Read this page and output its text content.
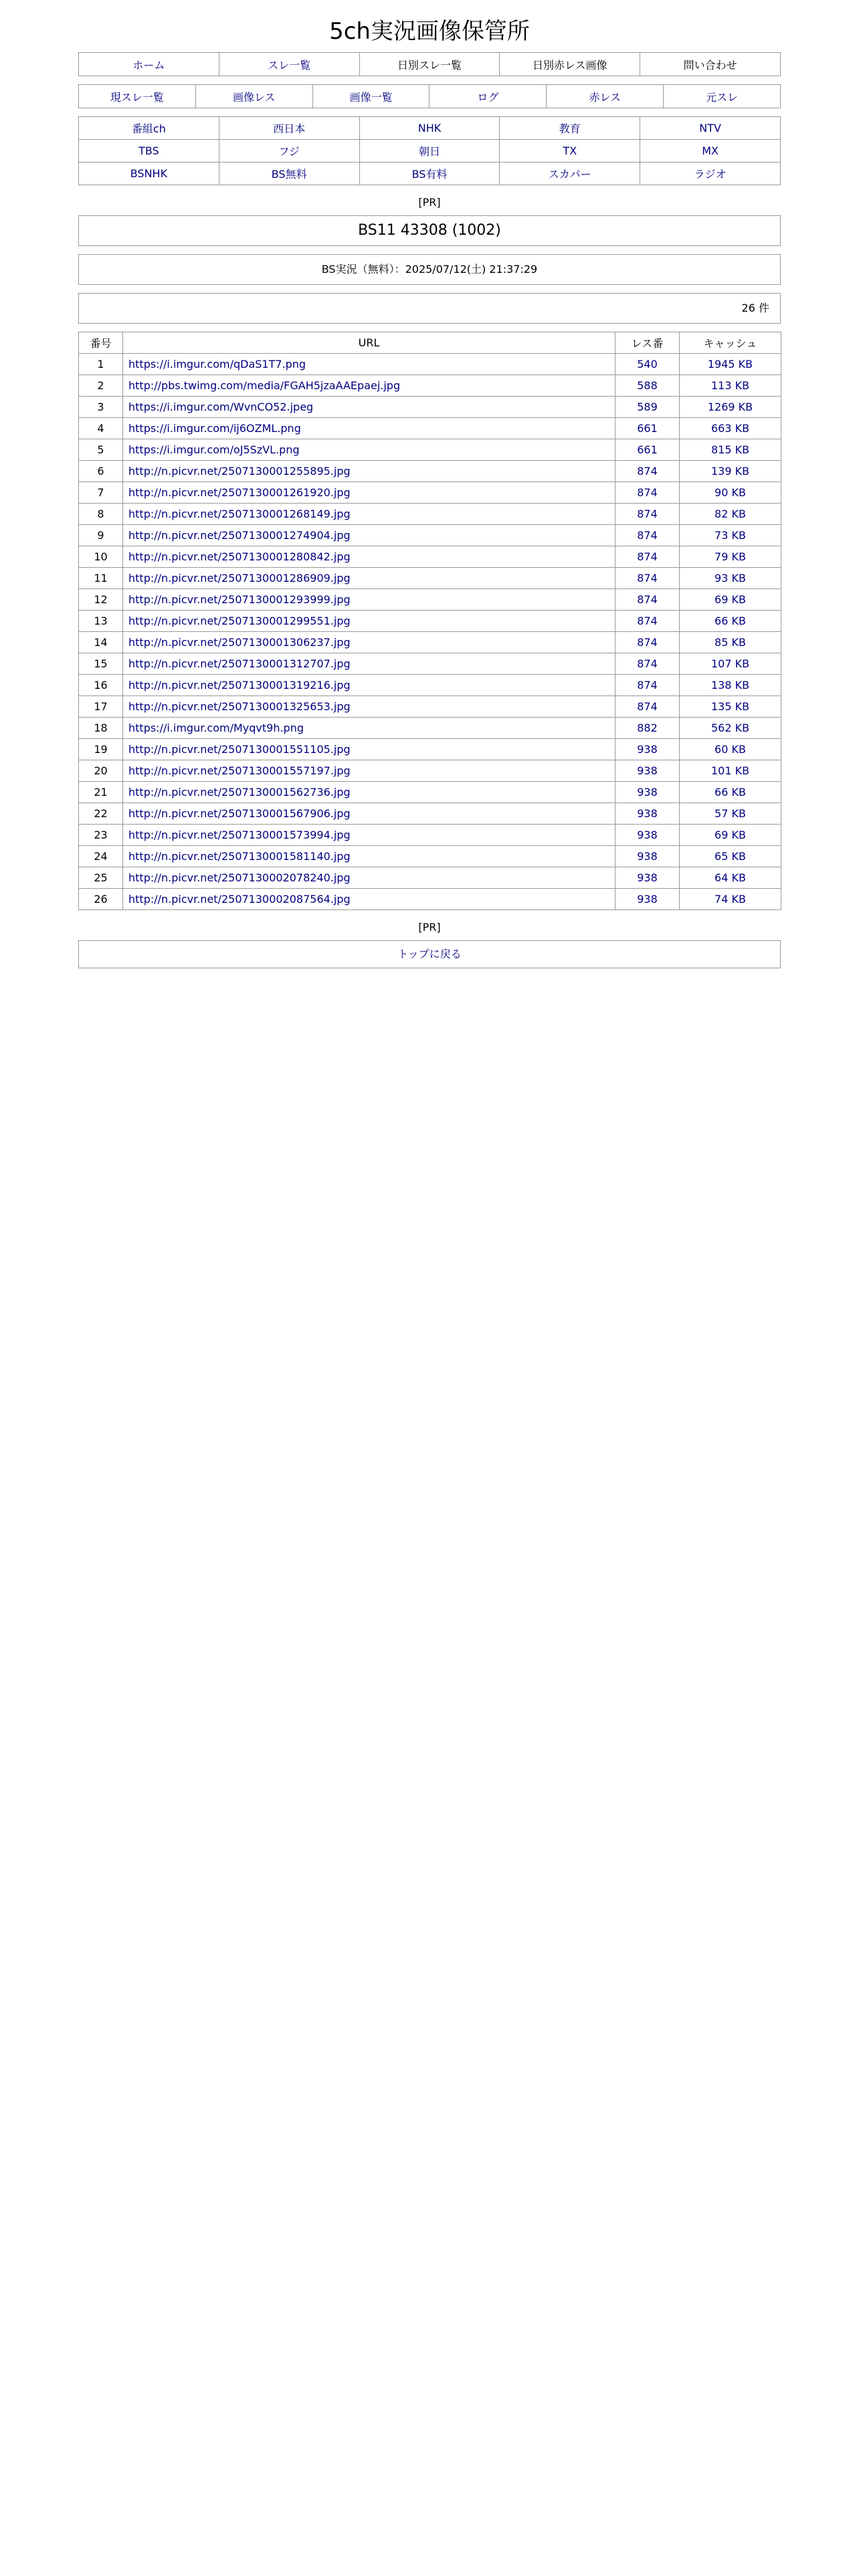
5ch実況画像保管所
ホーム	スレ一覧	日別スレ一覧	日別赤レス画像	問い合わせ
現スレ一覧	画像レス	画像一覧	ログ	赤レス	元スレ
番組ch	西日本	NHK	教育	NTV
TBS	フジ	朝日	TX	MX
BSNHK	BS無料	BS有料	スカパー	ラジオ
[PR]
BS11 43308 (1002)
BS実況（無料）：2025/07/12(土) 21:37:29
26 件
番号	URL	レス番	キャッシュ
1	https://i.imgur.com/qDaS1T7.png	540	1945 KB
2	http://pbs.twimg.com/media/FGAH5jzaAAEpaej.jpg	588	113 KB
3	https://i.imgur.com/WvnCO52.jpeg	589	1269 KB
4	https://i.imgur.com/ij6OZML.png	661	663 KB
5	https://i.imgur.com/oJ5SzVL.png	661	815 KB
6	http://n.picvr.net/2507130001255895.jpg	874	139 KB
7	http://n.picvr.net/2507130001261920.jpg	874	90 KB
8	http://n.picvr.net/2507130001268149.jpg	874	82 KB
9	http://n.picvr.net/2507130001274904.jpg	874	73 KB
10	http://n.picvr.net/2507130001280842.jpg	874	79 KB
11	http://n.picvr.net/2507130001286909.jpg	874	93 KB
12	http://n.picvr.net/2507130001293999.jpg	874	69 KB
13	http://n.picvr.net/2507130001299551.jpg	874	66 KB
14	http://n.picvr.net/2507130001306237.jpg	874	85 KB
15	http://n.picvr.net/2507130001312707.jpg	874	107 KB
16	http://n.picvr.net/2507130001319216.jpg	874	138 KB
17	http://n.picvr.net/2507130001325653.jpg	874	135 KB
18	https://i.imgur.com/Myqvt9h.png	882	562 KB
19	http://n.picvr.net/2507130001551105.jpg	938	60 KB
20	http://n.picvr.net/2507130001557197.jpg	938	101 KB
21	http://n.picvr.net/2507130001562736.jpg	938	66 KB
22	http://n.picvr.net/2507130001567906.jpg	938	57 KB
23	http://n.picvr.net/2507130001573994.jpg	938	69 KB
24	http://n.picvr.net/2507130001581140.jpg	938	65 KB
25	http://n.picvr.net/2507130002078240.jpg	938	64 KB
26	http://n.picvr.net/2507130002087564.jpg	938	74 KB
[PR]
トップに戻る
